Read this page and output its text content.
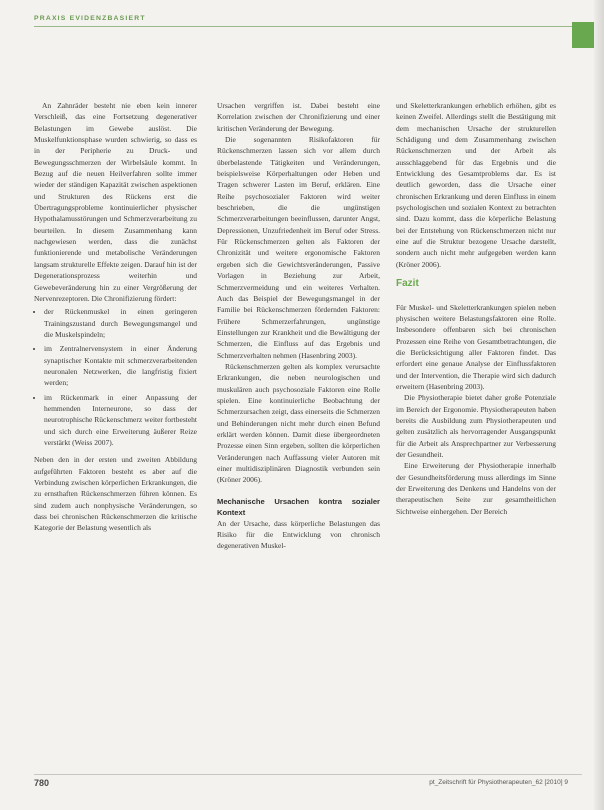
PRAXIS EVIDENZBASIERT

An Zahnräder besteht nie eben kein innerer Verschleiß, das eine Fortsetzung degenerativer Belastungen im Gewebe auslöst. Die Muskelfunktionsphase wurden schwierig, so dass es in der Peripherie zu Druck- und Bewegungsschmerzen der Wirbelsäule kommt. In Bezug auf die neuen Heilverfahren sollte immer wieder der ständigen Kapazität zwischen aspektionen und Strukturen des Rückens erst die Übertragungsprobleme kontinuierlicher physischer Hypothalamusstörungen und Schmerzverarbeitung zu beurteilen. In diesem Zusammenhang kann nachgewiesen werden, dass die zunächst funktionierende und metabolische Veränderungen langsam strukturelle Effekte zeigen. Darauf hin ist der Degenerationsprozess weiterhin und Gewebeveränderung hin zu einer Vergrößerung der Nervenrezeptoren. Die Chronifizierung fördert:

• der Rückenmuskel in einen geringeren Trainingszustand durch Bewegungsmangel und die Muskelspindeln;
• im Zentralnervensystem in einer Änderung synaptischer Kontakte mit schmerzverarbeitenden neuronalen Netzwerken, die langfristig fixiert werden;
• im Rückenmark in einer Anpassung der hemmenden Interneurone, so dass der neurotrophische Rückenschmerz weiter fortbesteht und sich durch eine Erweiterung äußerer Reize verstärkt (Weiss 2007).

Neben den in der ersten und zweiten Abbildung aufgeführten Faktoren besteht es aber auf die Verbindung zwischen körperlichen Erkrankungen, die zu ernsthaften Rückenschmerzen führen können. Es sind zudem auch nonphysische Veränderungen, so dass bei chronischen Rückenschmerzen die kritische Kategorie der Belastung wesentlich als

Ursachen vergriffen ist. Dabei besteht eine Korrelation zwischen der Chronifizierung und einer kritischen Veränderung der Bewegung.

Die sogenannten Risikofaktoren für Rückenschmerzen lassen sich vor allem durch überbelastende Tätigkeiten und Veränderungen, beispielsweise Körperhaltungen oder Heben und Tragen schwerer Lasten im Beruf, erklären. Eine Reihe psychosozialer Faktoren wird weiter beschrieben, die die ungünstigen Schmerzverarbeitungen beeinflussen, darunter Angst, Depressionen, Unzufriedenheit im Beruf oder Stress. Für Rückenschmerzen gelten als Faktoren der Chronizität und weitere ergonomische Faktoren ergeben sich die Gewichtsveränderungen, Passive Vorlagen in Beziehung zur Arbeit, Schmerzvermeidung und ein weiteres Verhalten. Auch das Beispiel der Bewegungsmangel in der Familie bei Rückenschmerzen fördernden Faktoren: Frühere Schmerzerfahrungen, ungünstige Einstellungen zur Krankheit und die Bewältigung der Schmerzen, die Einfluss auf das Ergebnis und Schmerzverhalten nehmen (Hasenbring 2003).

Rückenschmerzen gelten als komplex verursachte Erkrankungen, die neben neurologischen und muskulären auch psychosoziale Faktoren eine Rolle spielen. Eine kontinuierliche Beobachtung der Schmerzursachen zeigt, dass einerseits die Schmerzen und Behinderungen nicht mehr durch einen Befund erklärt werden können. Damit diese übergeordneten Prozesse einen Sinn ergeben, sollten die körperlichen Veränderungen nach Auffassung vieler Autoren mit einer multidisziplinären Diagnostik verbunden sein (Kröner 2006).

Mechanische Ursachen kontra sozialer Kontext

An der Ursache, dass körperliche Belastungen das Risiko für die Entwicklung von chronisch degenerativen Muskel-

und Skeletterkrankungen erheblich erhöhen, gibt es keinen Zweifel. Allerdings stellt die Bestätigung mit dem mechanischen Ursache der strukturellen Schädigung und dem Zusammenhang zwischen Rückenschmerzen und der Arbeit als ausschlaggebend für das Ergebnis und die Entwicklung des Gesamtproblems dar. Es ist deutlich geworden, dass die Ursache einer chronischen Erkrankung und deren Einfluss in einem psychologischen und sozialen Kontext zu betrachten sind. Dazu kommt, dass die körperliche Belastung bei der Entstehung von Rückenschmerzen nicht nur eine auf die Struktur bezogene Ursache darstellt, sondern auch nicht mehr aufgegeben werden kann (Kröner 2006).

Fazit

Für Muskel- und Skeletterkrankungen spielen neben physischen weitere Belastungsfaktoren eine Rolle. Insbesondere offenbaren sich bei chronischen Prozessen eine Reihe von Gesamtbetrachtungen, die die Berücksichtigung aller Faktoren findet. Das erfordert eine genaue Analyse der Einflussfaktoren und der Intervention, die Therapie wird sich dadurch erweitern (Hasenbring 2003).

Die Physiotherapie bietet daher große Potenziale im Bereich der Ergonomie. Physiotherapeuten haben bereits die Ausbildung zum Physiotherapeuten und gelten zusätzlich als hervorragender Ausgangspunkt für die Arbeit als Ansprechpartner zur Verbesserung der Gesundheit.

Eine Erweiterung der Physiotherapie innerhalb der Gesundheitsförderung muss allerdings im Sinne der Erweiterung des Denkens und Handelns von der therapeutischen Seite zur gesamtheitlichen Sichtweise einhergehen. Der Bereich

780	pt_Zeitschrift für Physiotherapeuten_62 [2010] 9
